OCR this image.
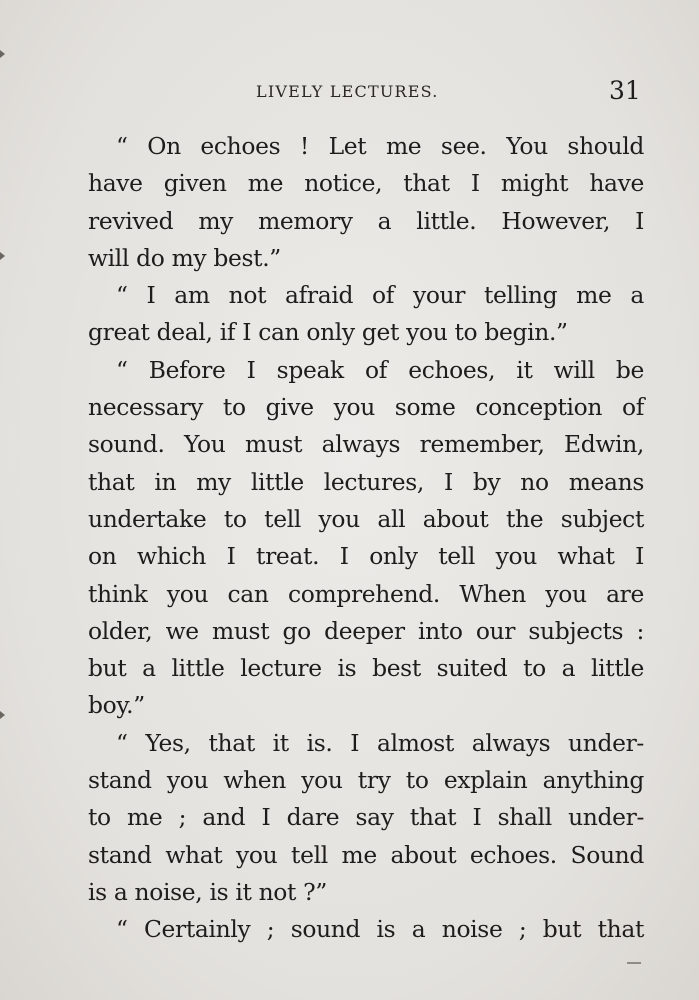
LIVELY LECTURES.	31
“ On echoes ! Let me see. You should
have given me notice, that I might have
revived my memory a little. However, I
will do my best.”
“ I am not afraid of your telling me a
great deal, if I can only get you to begin.”
“ Before I speak of echoes, it will be
necessary to give you some conception of
sound. You must always remember, Edwin,
that in my little lectures, I by no means
undertake to tell you all about the subject
on which I treat. I only tell you what I
think you can comprehend. When you are
older, we must go deeper into our subjects :
but a little lecture is best suited to a little
boy.”
“ Yes, that it is. I almost always under-
stand you when you try to explain anything
to me ; and I dare say that I shall under-
stand what you tell me about echoes. Sound
is a noise, is it not ?”
“ Certainly ; sound is a noise ; but that
